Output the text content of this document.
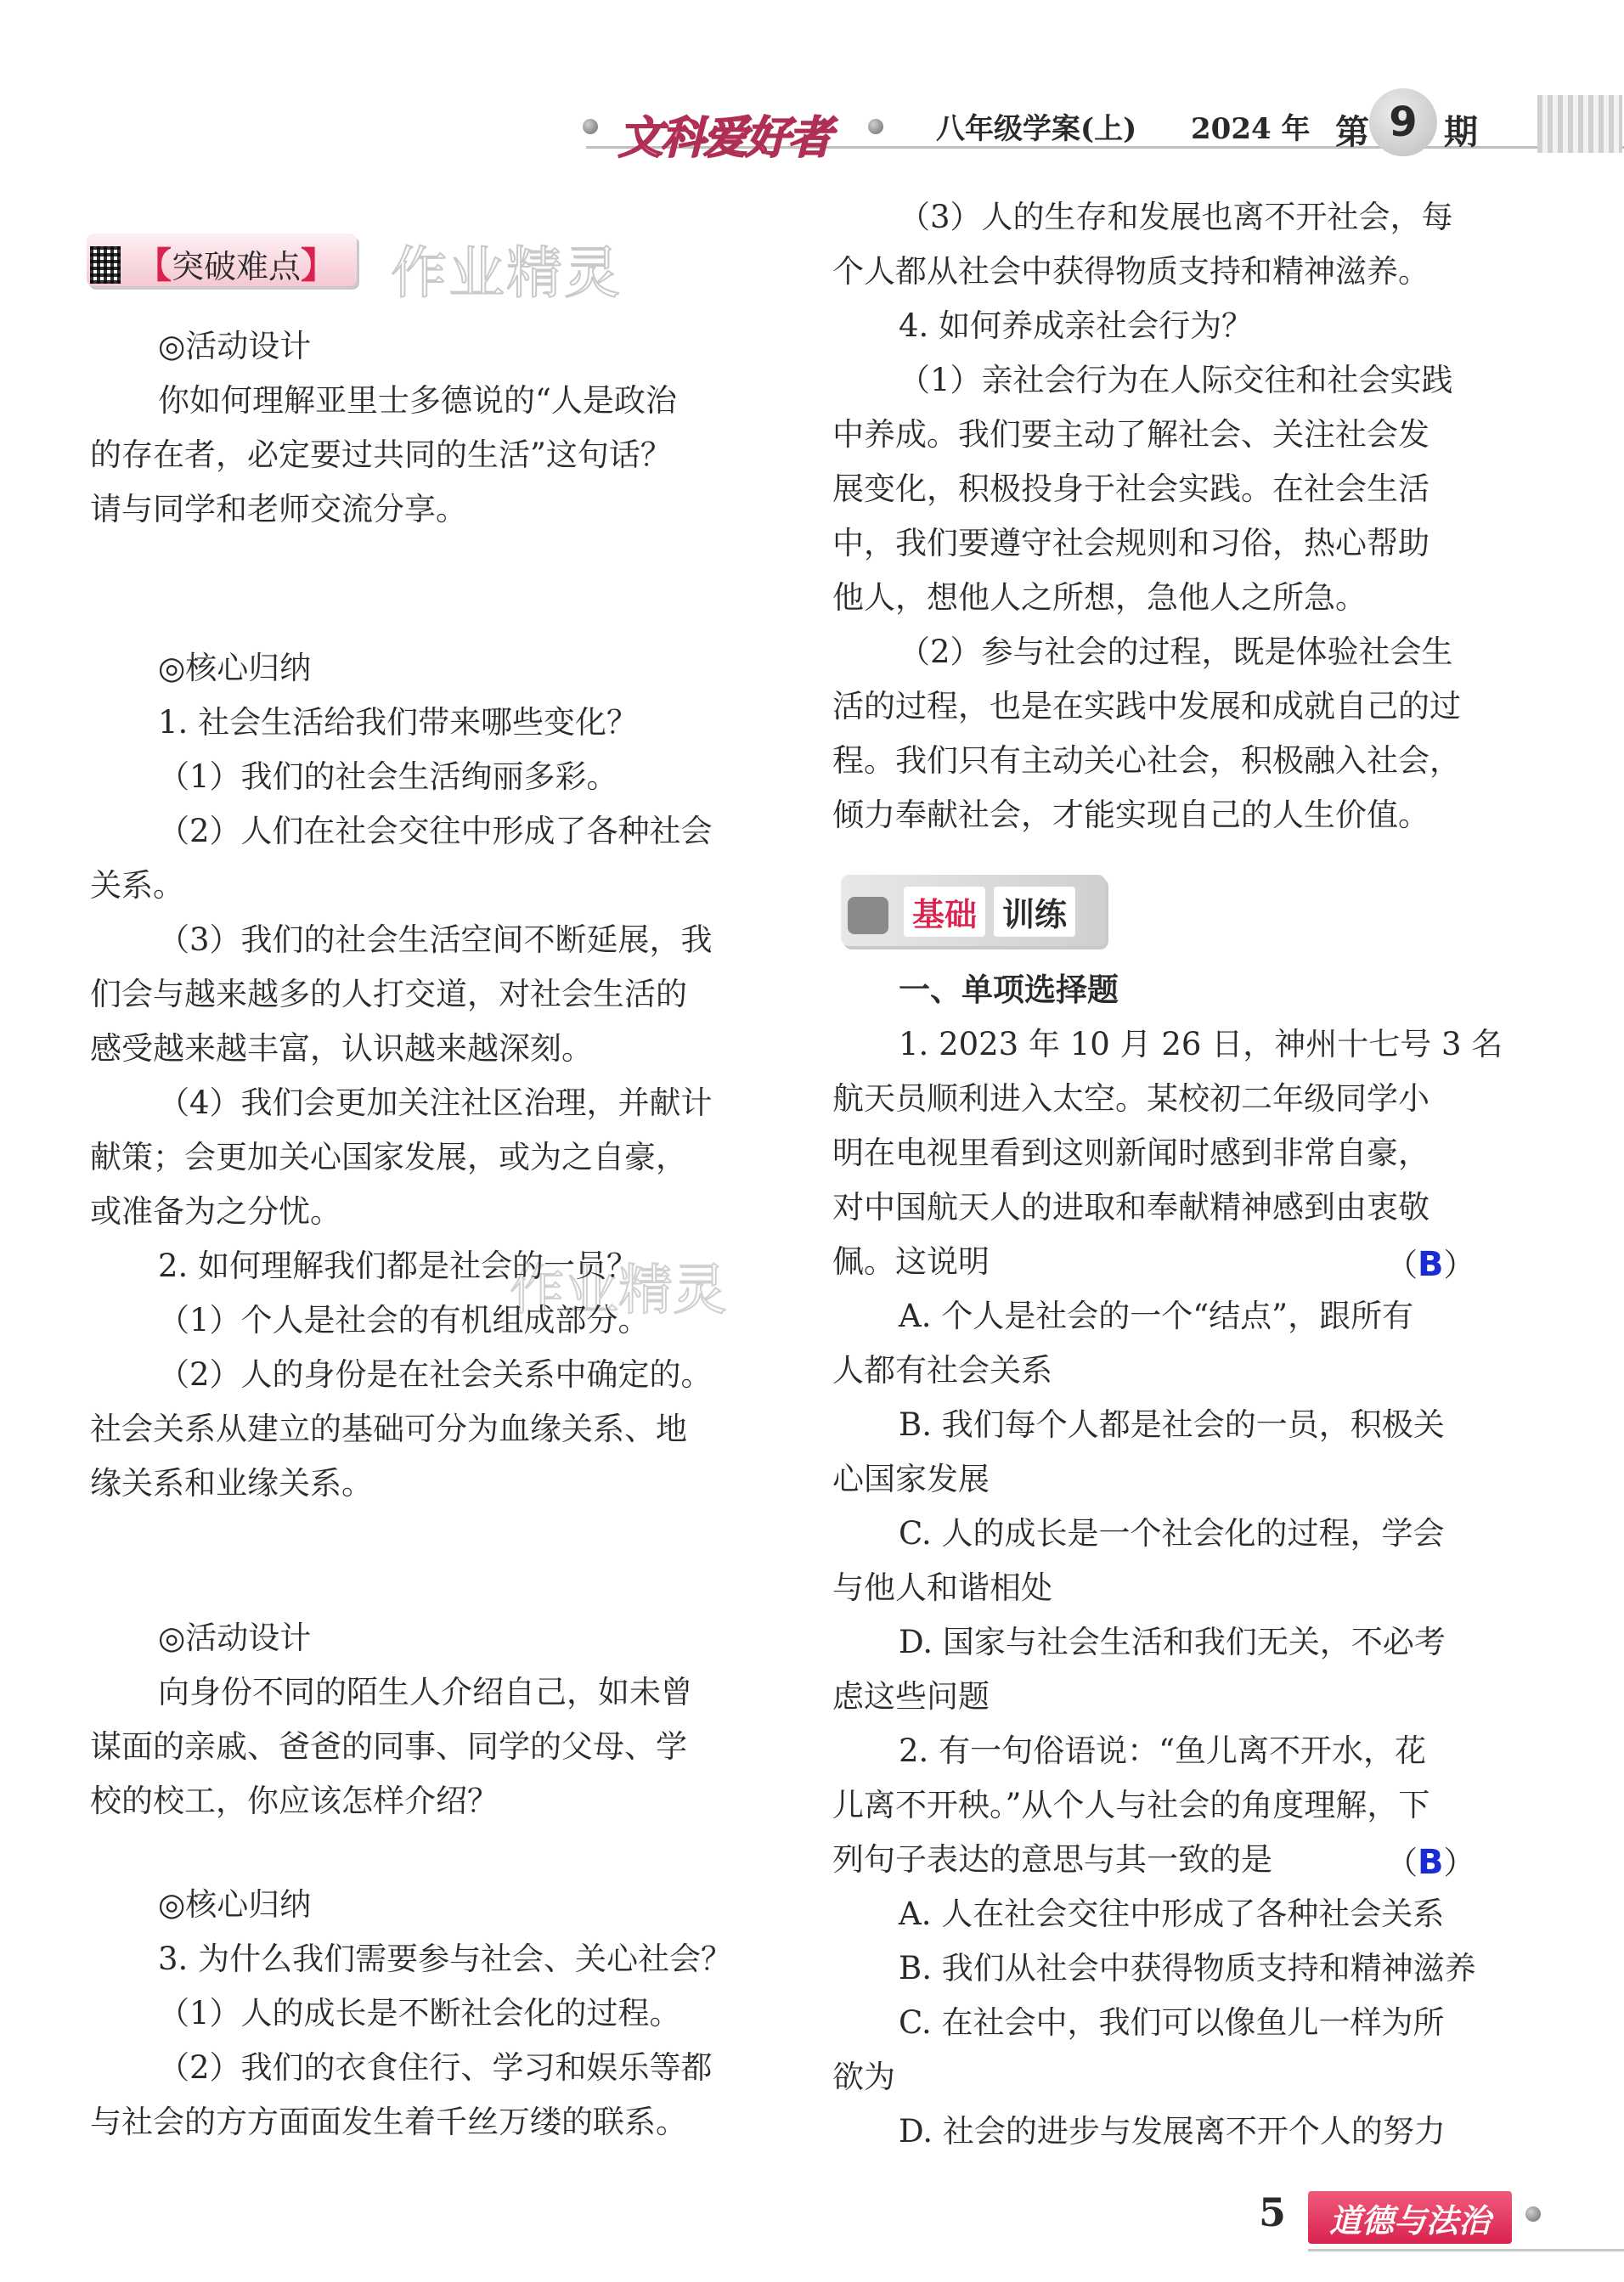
文科爱好者	八年级学案(上) 2024 年 第 9 期
【突破难点】 作业精灵
作业精灵
◎活动设计
你如何理解亚里士多德说的“人是政治
的存在者，必定要过共同的生活”这句话？
请与同学和老师交流分享。
◎核心归纳
1. 社会生活给我们带来哪些变化？
（1）我们的社会生活绚丽多彩。
（2）人们在社会交往中形成了各种社会
关系。
（3）我们的社会生活空间不断延展，我
们会与越来越多的人打交道，对社会生活的
感受越来越丰富，认识越来越深刻。
（4）我们会更加关注社区治理，并献计
献策；会更加关心国家发展，或为之自豪，
或准备为之分忧。
2. 如何理解我们都是社会的一员？
（1）个人是社会的有机组成部分。
（2）人的身份是在社会关系中确定的。
社会关系从建立的基础可分为血缘关系、地
缘关系和业缘关系。
◎活动设计
向身份不同的陌生人介绍自己，如未曾
谋面的亲戚、爸爸的同事、同学的父母、学
校的校工，你应该怎样介绍？
◎核心归纳
3. 为什么我们需要参与社会、关心社会？
（1）人的成长是不断社会化的过程。
（2）我们的衣食住行、学习和娱乐等都
与社会的方方面面发生着千丝万缕的联系。
（3）人的生存和发展也离不开社会，每
个人都从社会中获得物质支持和精神滋养。
4. 如何养成亲社会行为？
（1）亲社会行为在人际交往和社会实践
中养成。我们要主动了解社会、关注社会发
展变化，积极投身于社会实践。在社会生活
中，我们要遵守社会规则和习俗，热心帮助
他人，想他人之所想，急他人之所急。
（2）参与社会的过程，既是体验社会生
活的过程，也是在实践中发展和成就自己的过
程。我们只有主动关心社会，积极融入社会，
倾力奉献社会，才能实现自己的人生价值。
基础 训练
一、单项选择题
1. 2023 年 10 月 26 日，神州十七号 3 名
航天员顺利进入太空。某校初二年级同学小
明在电视里看到这则新闻时感到非常自豪，
对中国航天人的进取和奉献精神感到由衷敬
佩。这说明	（B）
A. 个人是社会的一个“结点”，跟所有
人都有社会关系
B. 我们每个人都是社会的一员，积极关
心国家发展
C. 人的成长是一个社会化的过程，学会
与他人和谐相处
D. 国家与社会生活和我们无关，不必考
虑这些问题
2. 有一句俗语说：“鱼儿离不开水，花
儿离不开秧。”从个人与社会的角度理解，下
列句子表达的意思与其一致的是	（B）
A. 人在社会交往中形成了各种社会关系
B. 我们从社会中获得物质支持和精神滋养
C. 在社会中，我们可以像鱼儿一样为所
欲为
D. 社会的进步与发展离不开个人的努力
5 道德与法治
